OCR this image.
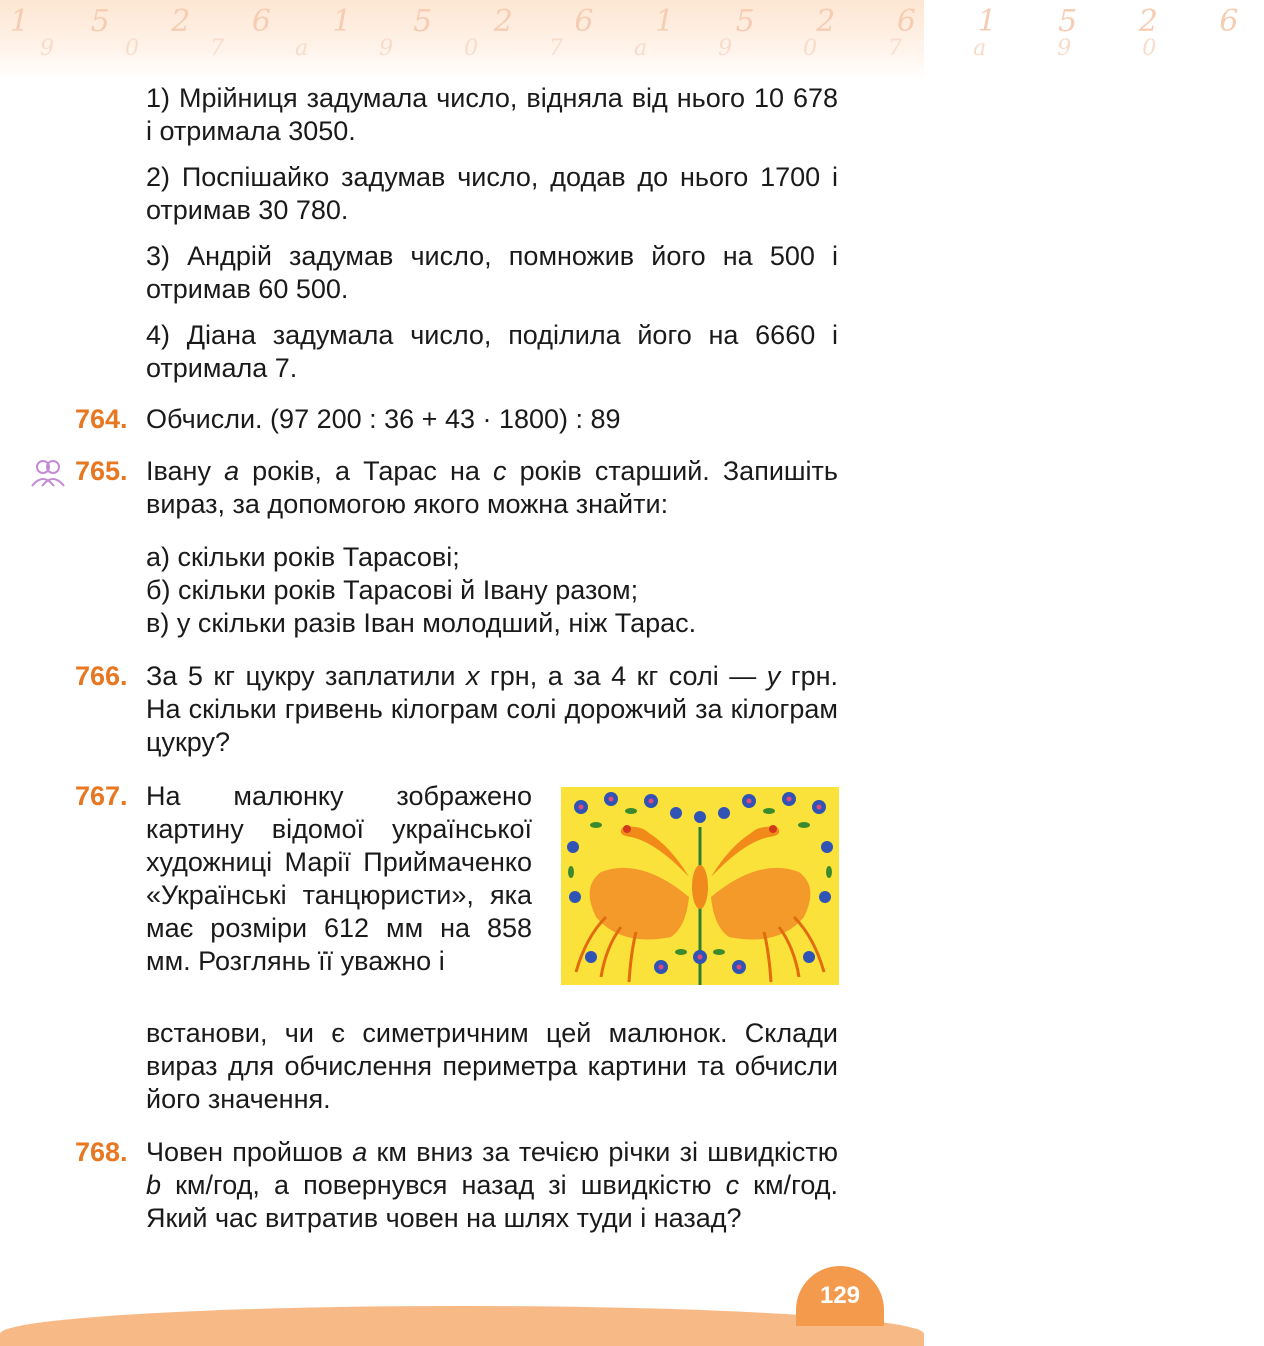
1 5 2 6 1 5 2 6 1 5 2 6 1 5 2 6
9 0 7 a 9 0 7 a 9 0 7 a 9 0

1) Мрійниця задумала число, відняла від нього 10 678 і отримала 3050.

2) Поспішайко задумав число, додав до нього 1700 і отримав 30 780.

3) Андрій задумав число, помножив його на 500 і отримав 60 500.

4) Діана задумала число, поділила його на 6660 і отримала 7.

764. Обчисли. (97 200 : 36 + 43 · 1800) : 89
765. Івану а років, а Тарас на с років старший. Запишіть вираз, за допомогою якого можна знайти:

а) скільки років Тарасові;

б) скільки років Тарасові й Івану разом;

в) у скільки разів Іван молодший, ніж Тарас.

766. За 5 кг цукру заплатили х грн, а за 4 кг солі — у грн. На скільки гривень кілограм солі дорожчий за кілограм цукру?
767. На малюнку зображено картину відомої української художниці Марії Приймаченко «Українські танцюристи», яка має розміри 612 мм на 858 мм. Розглянь її уважно і
встанови, чи є симетричним цей малюнок. Склади вираз для обчислення периметра картини та обчисли його значення.
768. Човен пройшов а км вниз за течією річки зі швидкістю b км/год, а повернувся назад зі швидкістю с км/год. Який час витратив човен на шлях туди і назад?
129
